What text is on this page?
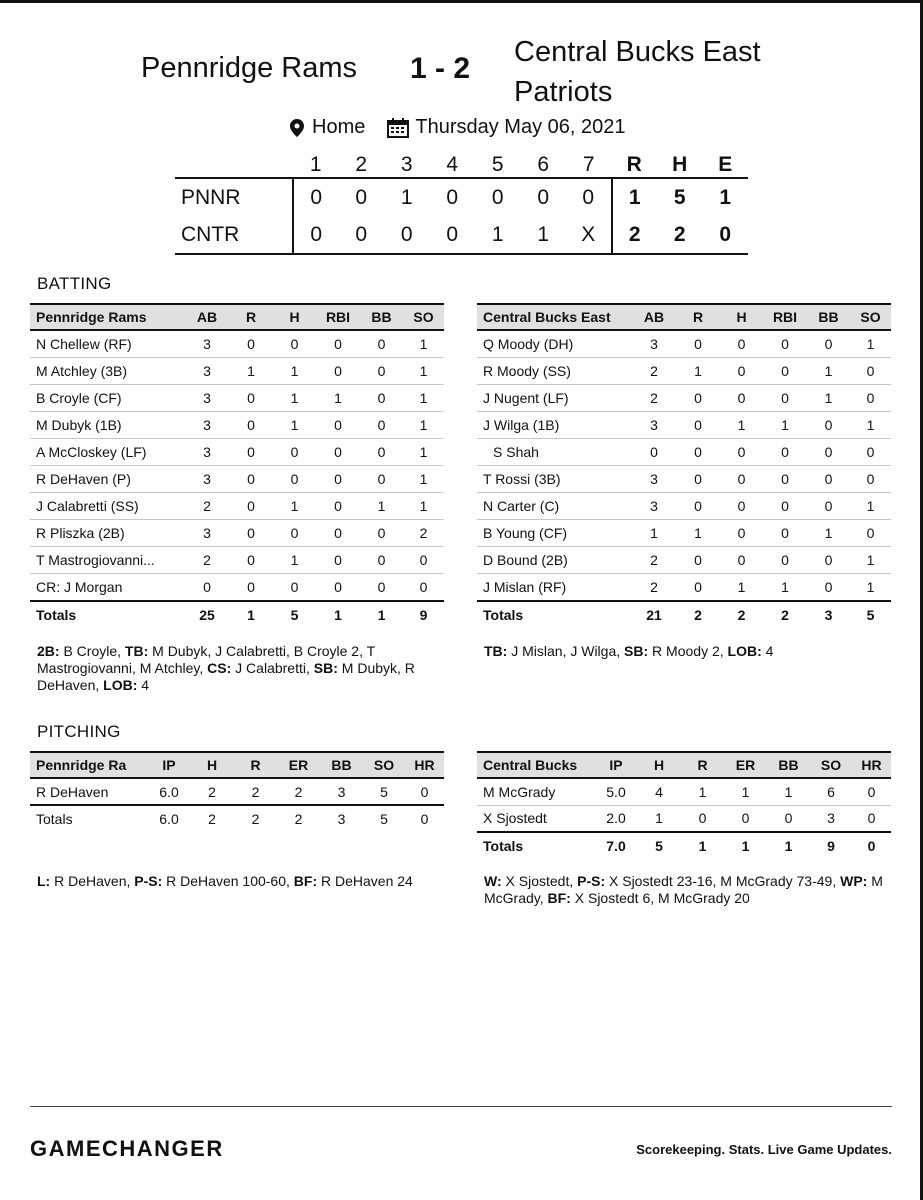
Pennridge Rams 1 - 2 Central Bucks East Patriots
Home	Thursday May 06, 2021
	1	2	3	4	5	6	7	R	H	E
PNNR	0	0	1	0	0	0	0	1	5	1
CNTR	0	0	0	0	1	1	X	2	2	0
BATTING
Pennridge Rams	AB	R	H	RBI	BB	SO
N Chellew (RF)	3	0	0	0	0	1
M Atchley (3B)	3	1	1	0	0	1
B Croyle (CF)	3	0	1	1	0	1
M Dubyk (1B)	3	0	1	0	0	1
A McCloskey (LF)	3	0	0	0	0	1
R DeHaven (P)	3	0	0	0	0	1
J Calabretti (SS)	2	0	1	0	1	1
R Pliszka (2B)	3	0	0	0	0	2
T Mastrogiovanni...	2	0	1	0	0	0
CR: J Morgan	0	0	0	0	0	0
Totals	25	1	5	1	1	9
Central Bucks East	AB	R	H	RBI	BB	SO
Q Moody (DH)	3	0	0	0	0	1
R Moody (SS)	2	1	0	0	1	0
J Nugent (LF)	2	0	0	0	1	0
J Wilga (1B)	3	0	1	1	0	1
S Shah	0	0	0	0	0	0
T Rossi (3B)	3	0	0	0	0	0
N Carter (C)	3	0	0	0	0	1
B Young (CF)	1	1	0	0	1	0
D Bound (2B)	2	0	0	0	0	1
J Mislan (RF)	2	0	1	1	0	1
Totals	21	2	2	2	3	5
2B: B Croyle, TB: M Dubyk, J Calabretti, B Croyle 2, T Mastrogiovanni, M Atchley, CS: J Calabretti, SB: M Dubyk, R DeHaven, LOB: 4
TB: J Mislan, J Wilga, SB: R Moody 2, LOB: 4
PITCHING
Pennridge Ra	IP	H	R	ER	BB	SO	HR
R DeHaven	6.0	2	2	2	3	5	0
Totals	6.0	2	2	2	3	5	0
Central Bucks	IP	H	R	ER	BB	SO	HR
M McGrady	5.0	4	1	1	1	6	0
X Sjostedt	2.0	1	0	0	0	3	0
Totals	7.0	5	1	1	1	9	0
L: R DeHaven, P-S: R DeHaven 100-60, BF: R DeHaven 24	W: X Sjostedt, P-S: X Sjostedt 23-16, M McGrady 73-49, WP: M McGrady, BF: X Sjostedt 6, M McGrady 20
GAMECHANGER	Scorekeeping. Stats. Live Game Updates.
